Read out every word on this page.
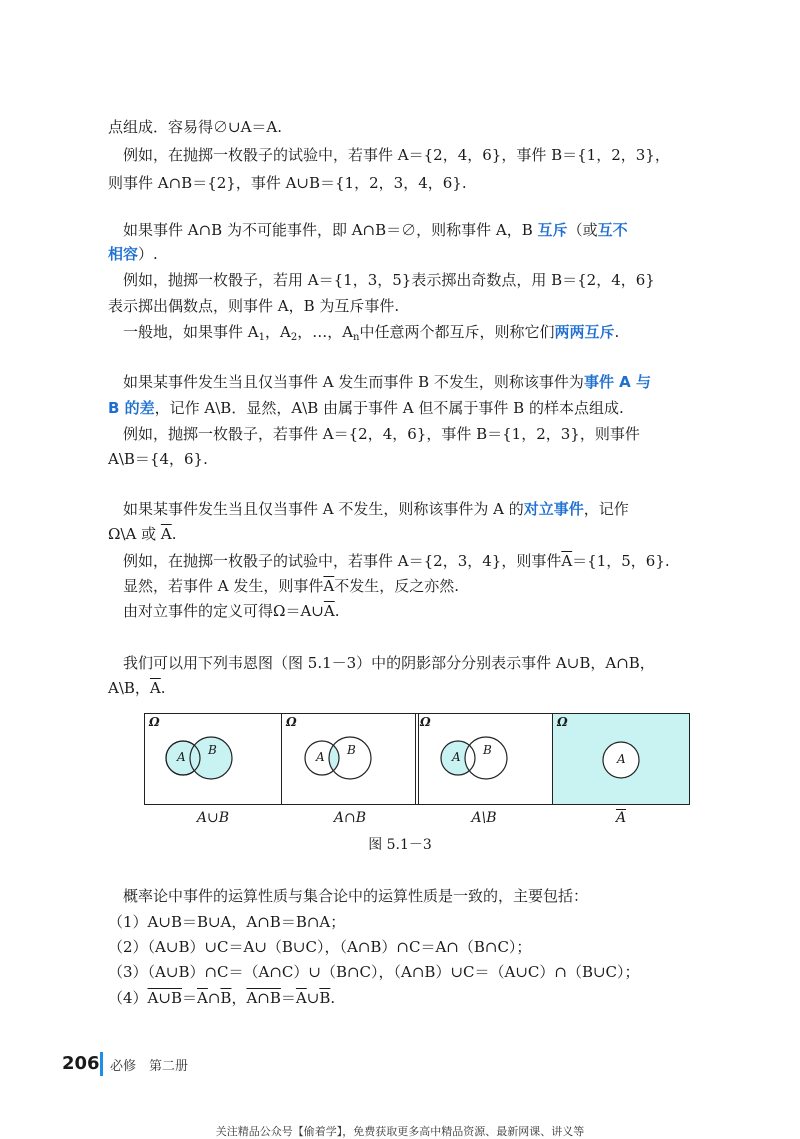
点组成．容易得∅∪A＝A.

　例如，在抛掷一枚骰子的试验中，若事件 A＝{2，4，6}，事件 B＝{1，2，3}，

则事件 A∩B＝{2}，事件 A∪B＝{1，2，3，4，6}.

　如果事件 A∩B 为不可能事件，即 A∩B＝∅，则称事件 A，B 互斥（或互不

相容）.

　例如，抛掷一枚骰子，若用 A＝{1，3，5}表示掷出奇数点，用 B＝{2，4，6}

表示掷出偶数点，则事件 A，B 为互斥事件.

　一般地，如果事件 $A_1$，$A_2$，…，$A_n$中任意两个都互斥，则称它们两两互斥.

　如果某事件发生当且仅当事件 A 发生而事件 B 不发生，则称该事件为事件 A 与

B 的差，记作 A\B．显然，A\B 由属于事件 A 但不属于事件 B 的样本点组成.

　例如，抛掷一枚骰子，若事件 A＝{2，4，6}，事件 B＝{1，2，3}，则事件

A\B＝{4，6}.

　如果某事件发生当且仅当事件 A 不发生，则称该事件为 A 的对立事件，记作

Ω\A 或 $\overline{A}$.

　例如，在抛掷一枚骰子的试验中，若事件 A＝{2，3，4}，则事件$\overline{A}=\{1$，5，6}.

　显然，若事件 A 发生，则事件$\overline{A}$不发生，反之亦然.

　由对立事件的定义可得$\Omega=A\cup\overline{A}$.

　我们可以用下列韦恩图（图 5.1－3）中的阴影部分分别表示事件 A∪B，A∩B，

A\B，$\overline{A}$.

Ω
A B
Ω
A B
Ω
A B
Ω
A
A∪B	A∩B	A\B	$\overline{A}$
图 5.1－3

　概率论中事件的运算性质与集合论中的运算性质是一致的，主要包括：

（1）A∪B＝B∪A，A∩B＝B∩A；

（2）（A∪B）∪C＝A∪（B∪C），（A∩B）∩C＝A∩（B∩C）；

（3）（A∪B）∩C＝（A∩C）∪（B∩C），（A∩B）∪C＝（A∪C）∩（B∪C）；

$(4)A\cup B=\overline{A}\cap\overline{B}$，$A\cap B=\overline{A}\cup\overline{B}$.

206 必修　第二册
关注精品公众号【偷着学】，免费获取更多高中精品资源、最新网课、讲义等
